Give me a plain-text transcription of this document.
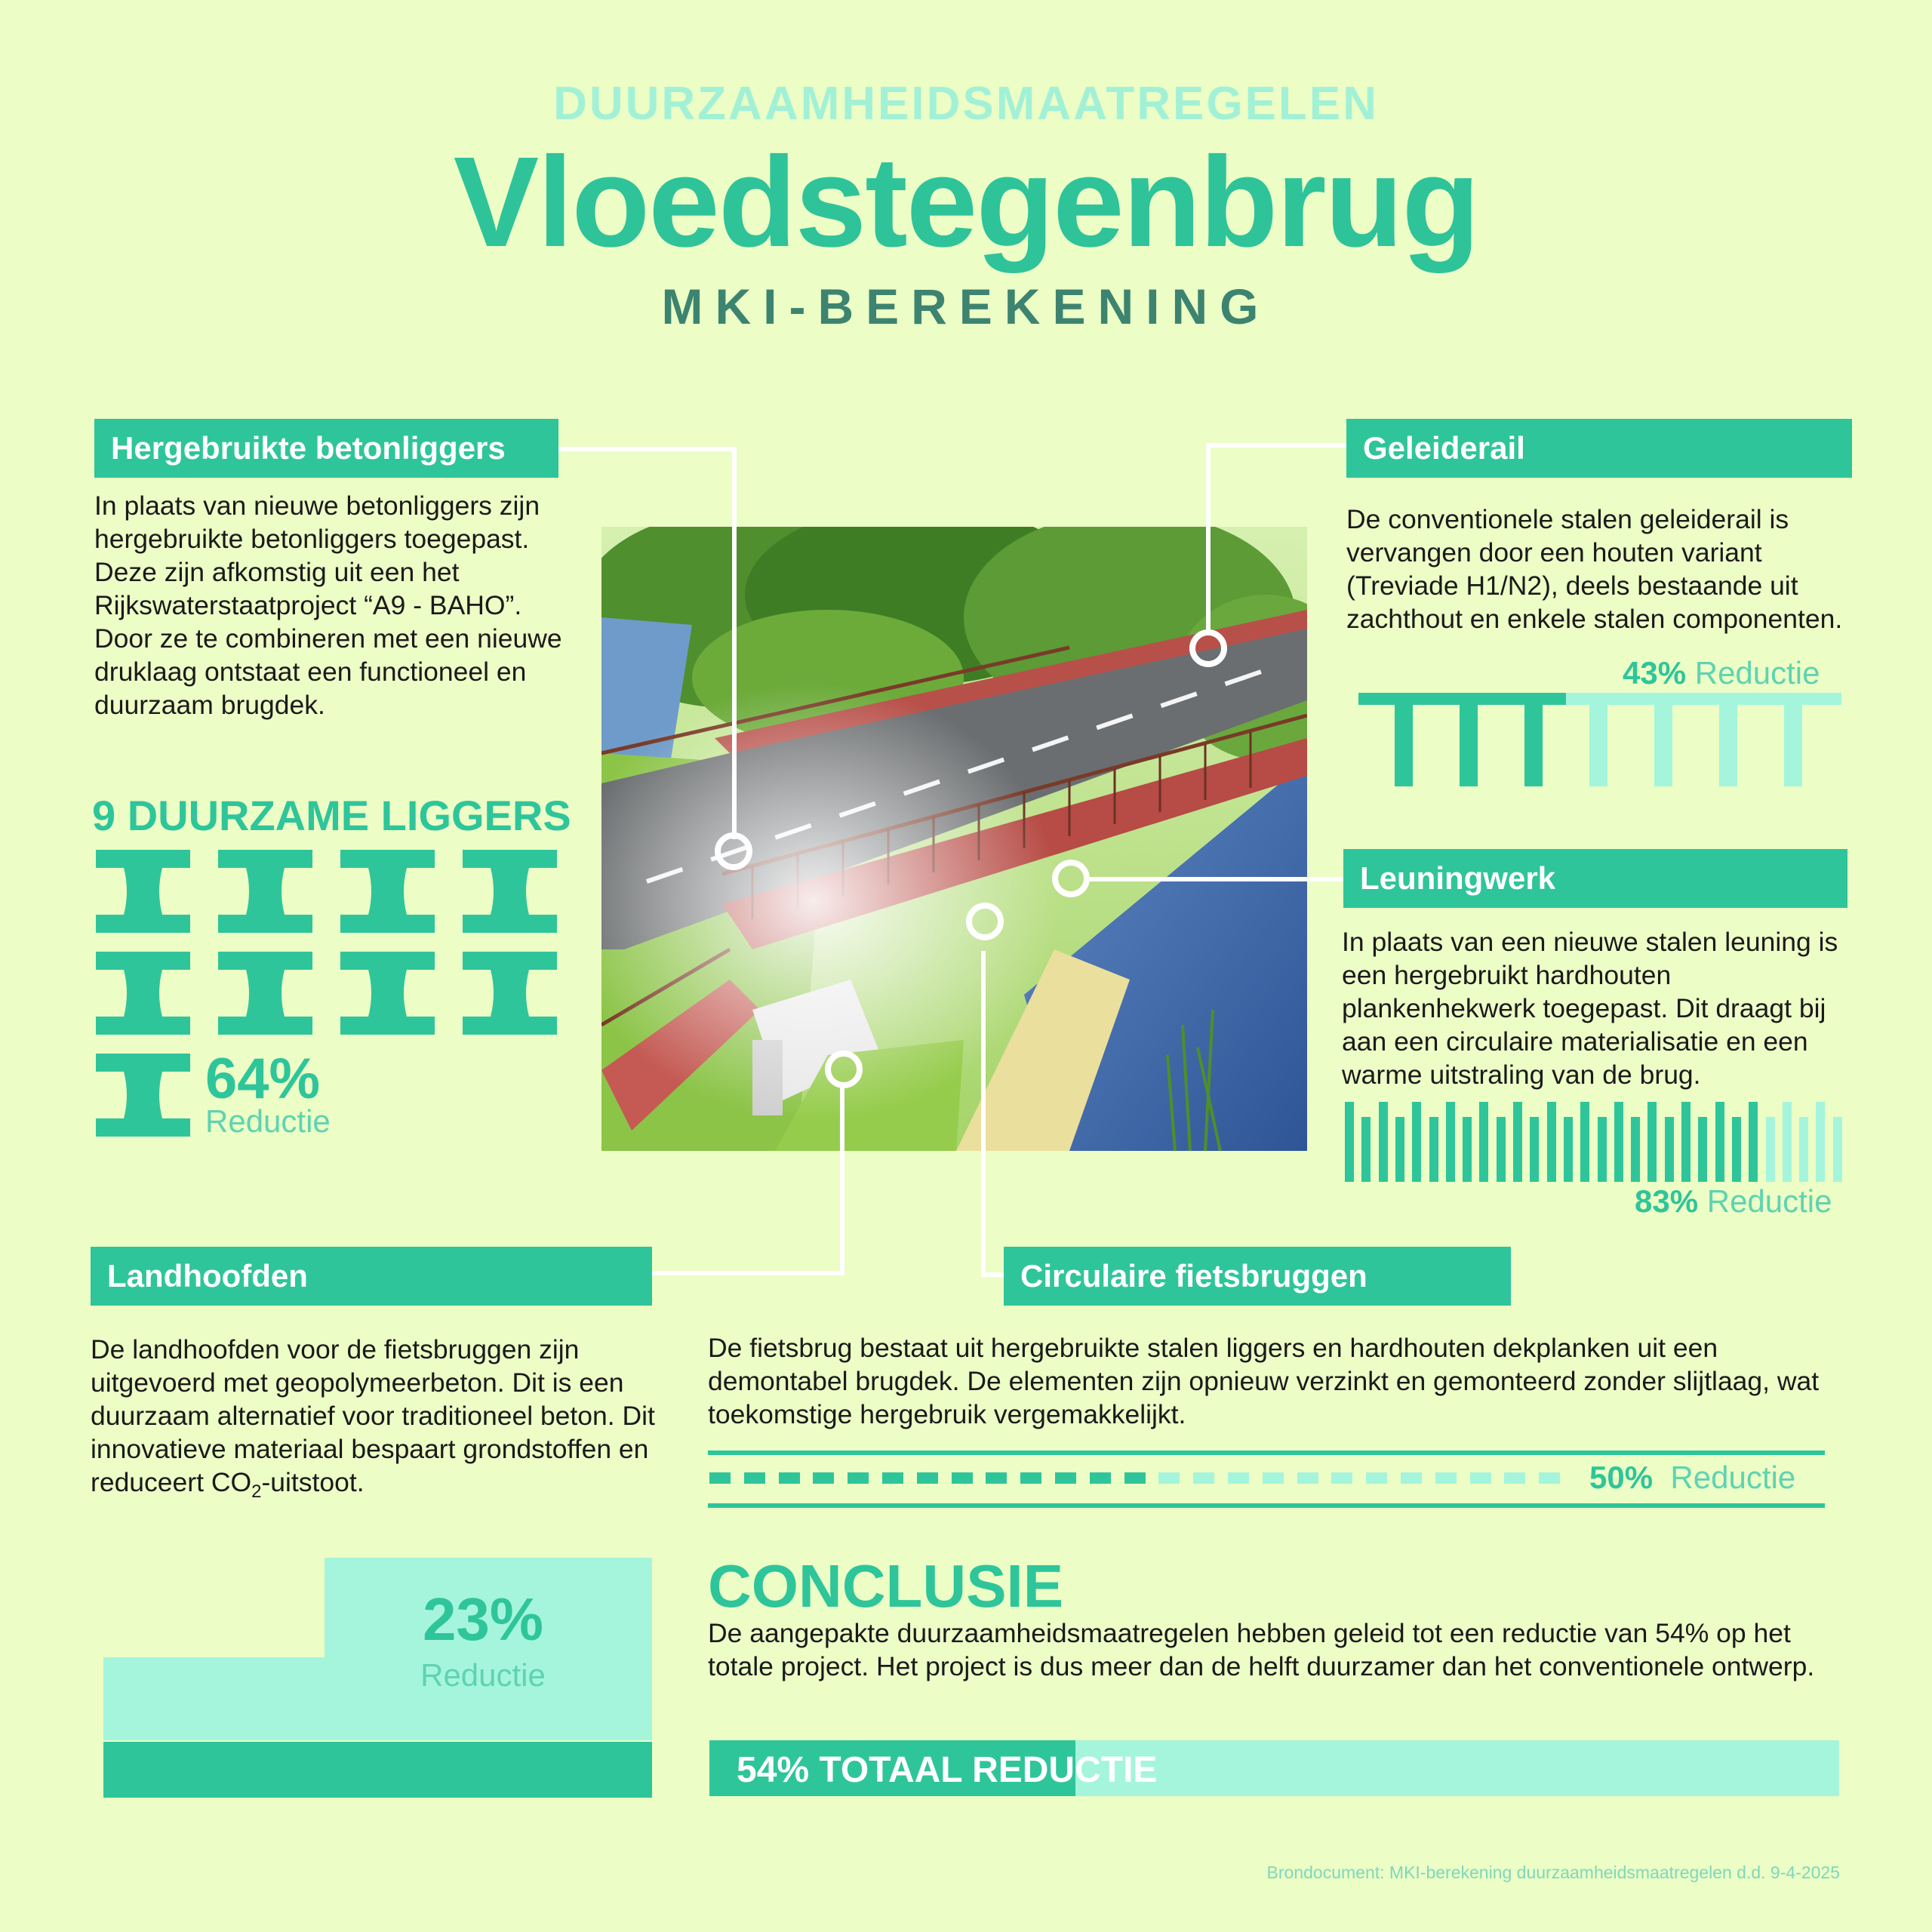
DUURZAAMHEIDSMAATREGELEN
Vloedstegenbrug
MKI-BEREKENING
Hergebruikte betonliggers
In plaats van nieuwe betonliggers zijn hergebruikte betonliggers toegepast. Deze zijn afkomstig uit een het Rijkswaterstaatproject “A9 - BAHO”. Door ze te combineren met een nieuwe druklaag ontstaat een functioneel en duurzaam brugdek.
9 DUURZAME LIGGERS
64%
Reductie
Geleiderail
De conventionele stalen geleiderail is vervangen door een houten variant (Treviade H1/N2), deels bestaande uit zachthout en enkele stalen componenten.
43% Reductie
Leuningwerk
In plaats van een nieuwe stalen leuning is een hergebruikt hardhouten plankenhekwerk toegepast. Dit draagt bij aan een circulaire materialisatie en een warme uitstraling van de brug.
83% Reductie
Landhoofden
De landhoofden voor de fietsbruggen zijn uitgevoerd met geopolymeerbeton. Dit is een duurzaam alternatief voor traditioneel beton. Dit innovatieve materiaal bespaart grondstoffen en reduceert $CO_2$-uitstoot.
23%
Reductie
Circulaire fietsbruggen
De fietsbrug bestaat uit hergebruikte stalen liggers en hardhouten dekplanken uit een demontabel brugdek. De elementen zijn opnieuw verzinkt en gemonteerd zonder slijtlaag, wat toekomstige hergebruik vergemakkelijkt.
50% Reductie
CONCLUSIE
De aangepakte duurzaamheidsmaatregelen hebben geleid tot een reductie van 54% op het totale project. Het project is dus meer dan de helft duurzamer dan het conventionele ontwerp.
54% TOTAAL REDUCTIE
Brondocument: MKI-berekening duurzaamheidsmaatregelen d.d. 9-4-2025
